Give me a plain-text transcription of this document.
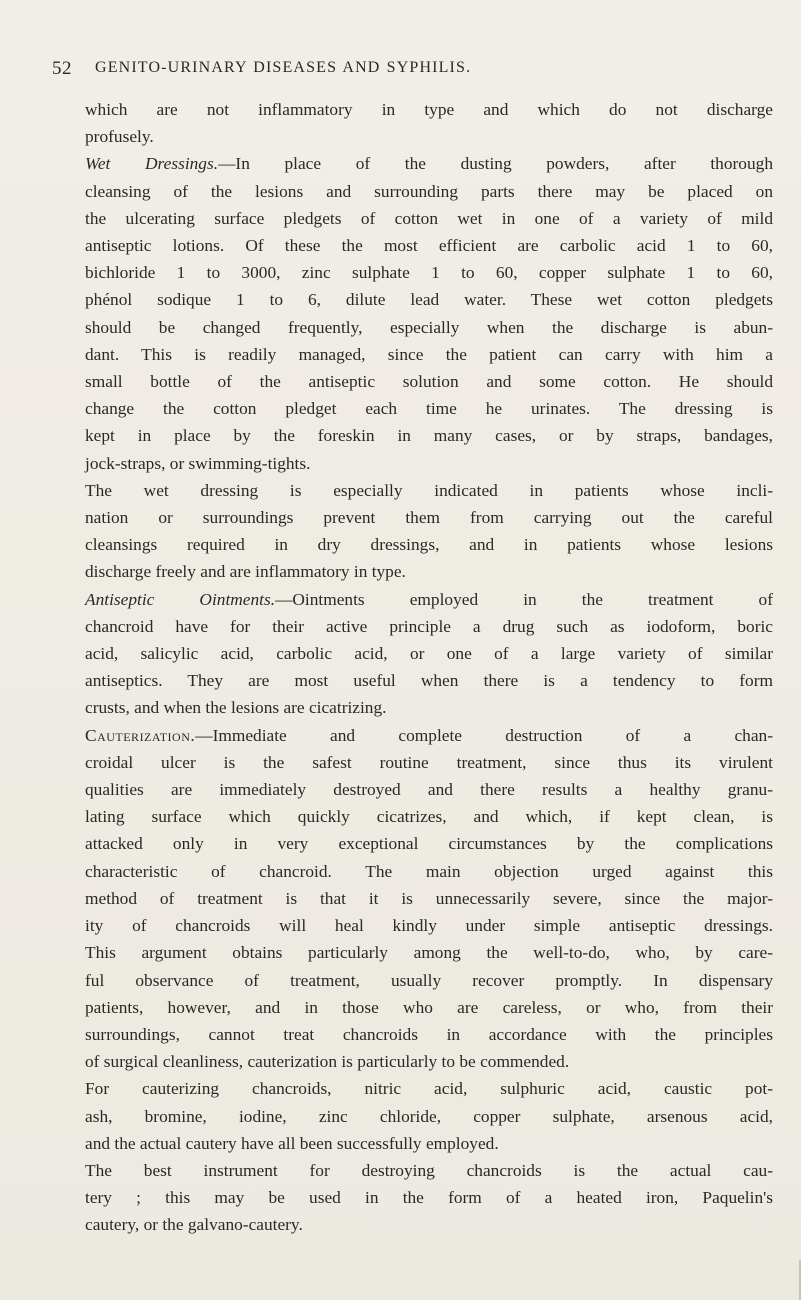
52 GENITO-URINARY DISEASES AND SYPHILIS.
which are not inflammatory in type and which do not discharge
profusely.
Wet Dressings.—In place of the dusting powders, after thorough
cleansing of the lesions and surrounding parts there may be placed on
the ulcerating surface pledgets of cotton wet in one of a variety of mild
antiseptic lotions. Of these the most efficient are carbolic acid 1 to 60,
bichloride 1 to 3000, zinc sulphate 1 to 60, copper sulphate 1 to 60,
phénol sodique 1 to 6, dilute lead water. These wet cotton pledgets
should be changed frequently, especially when the discharge is abun-
dant. This is readily managed, since the patient can carry with him a
small bottle of the antiseptic solution and some cotton. He should
change the cotton pledget each time he urinates. The dressing is
kept in place by the foreskin in many cases, or by straps, bandages,
jock-straps, or swimming-tights.
The wet dressing is especially indicated in patients whose incli-
nation or surroundings prevent them from carrying out the careful
cleansings required in dry dressings, and in patients whose lesions
discharge freely and are inflammatory in type.
Antiseptic Ointments.—Ointments employed in the treatment of
chancroid have for their active principle a drug such as iodoform, boric
acid, salicylic acid, carbolic acid, or one of a large variety of similar
antiseptics. They are most useful when there is a tendency to form
crusts, and when the lesions are cicatrizing.
Cauterization.—Immediate and complete destruction of a chan-
croidal ulcer is the safest routine treatment, since thus its virulent
qualities are immediately destroyed and there results a healthy granu-
lating surface which quickly cicatrizes, and which, if kept clean, is
attacked only in very exceptional circumstances by the complications
characteristic of chancroid. The main objection urged against this
method of treatment is that it is unnecessarily severe, since the major-
ity of chancroids will heal kindly under simple antiseptic dressings.
This argument obtains particularly among the well-to-do, who, by care-
ful observance of treatment, usually recover promptly. In dispensary
patients, however, and in those who are careless, or who, from their
surroundings, cannot treat chancroids in accordance with the principles
of surgical cleanliness, cauterization is particularly to be commended.
For cauterizing chancroids, nitric acid, sulphuric acid, caustic pot-
ash, bromine, iodine, zinc chloride, copper sulphate, arsenous acid,
and the actual cautery have all been successfully employed.
The best instrument for destroying chancroids is the actual cau-
tery ; this may be used in the form of a heated iron, Paquelin's
cautery, or the galvano-cautery.
